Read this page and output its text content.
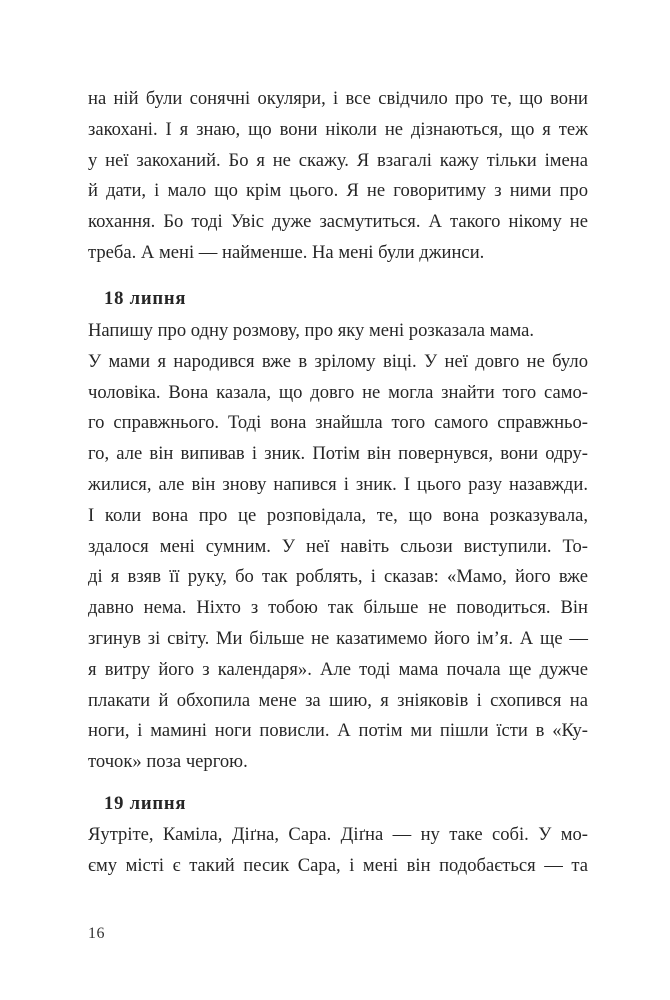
на ній були сонячні окуляри, і все свідчило про те, що вони
закохані. І я знаю, що вони ніколи не дізнаються, що я теж
у неї закоханий. Бо я не скажу. Я взагалі кажу тільки імена
й дати, і мало що крім цього. Я не говоритиму з ними про
кохання. Бо тоді Увіс дуже засмутиться. А такого нікому не
треба. А мені — найменше. На мені були джинси.
18 липня
Напишу про одну розмову, про яку мені розказала мама.
У мами я народився вже в зрілому віці. У неї довго не було
чоловіка. Вона казала, що довго не могла знайти того само-
го справжнього. Тоді вона знайшла того самого справжньо-
го, але він випивав і зник. Потім він повернувся, вони одру-
жилися, але він знову напився і зник. І цього разу назавжди.
І коли вона про це розповідала, те, що вона розказувала,
здалося мені сумним. У неї навіть сльози виступили. То-
ді я взяв її руку, бо так роблять, і сказав: «Мамо, його вже
давно нема. Ніхто з тобою так більше не поводиться. Він
згинув зі світу. Ми більше не казатимемо його ім’я. А ще —
я витру його з календаря». Але тоді мама почала ще дужче
плакати й обхопила мене за шию, я зніяковів і схопився на
ноги, і мамині ноги повисли. А потім ми пішли їсти в «Ку-
точок» поза чергою.
19 липня
Яутріте, Каміла, Діґна, Сара. Діґна — ну таке собі. У мо-
єму місті є такий песик Сара, і мені він подобається — та
16
